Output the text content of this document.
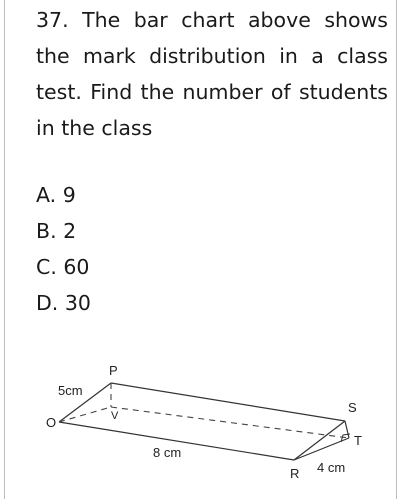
37. The bar chart above shows the mark distribution in a class test. Find the number of students in the class
A. 9
B. 2
C. 60
D. 30
P
O	V
S
T
R
5cm
8 cm
4 cm
